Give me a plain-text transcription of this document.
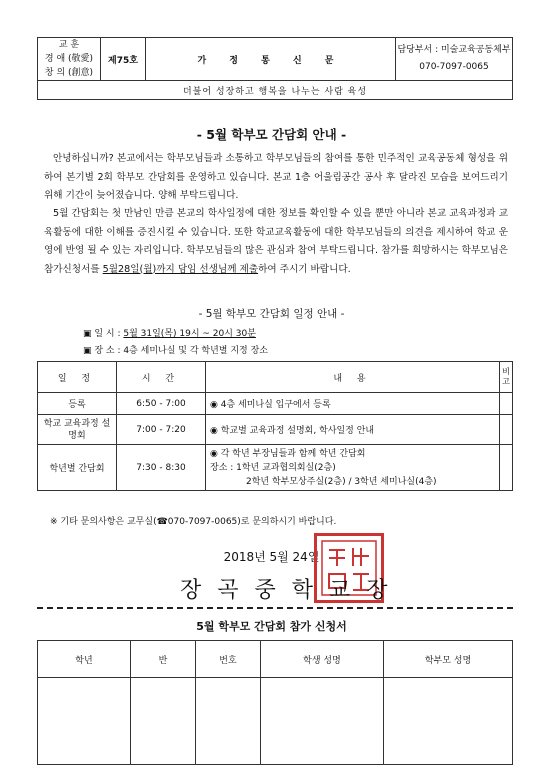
교 훈
경 애 (敬愛)
창 의 (創意)
	제75호	가 정 통 신 문	
담당부서 : 미술교육공동체부
070-7097-0065

더불어 성장하고 행복을 나누는 사람 육성
- 5월 학부모 간담회 안내 -

안녕하십니까? 본교에서는 학부모님들과 소통하고 학부모님들의 참여를 통한 민주적인 교육공동체 형성을 위하여 본기별 2회 학부모 간담회를 운영하고 있습니다. 본교 1층 어울림공간 공사 후 달라진 모습을 보여드리기 위해 기간이 늦어졌습니다. 양해 부탁드립니다.

5월 간담회는 첫 만남인 만큼 본교의 학사일정에 대한 정보를 확인할 수 있을 뿐만 아니라 본교 교육과정과 교육활동에 대한 이해를 증진시킬 수 있습니다. 또한 학교교육활동에 대한 학부모님들의 의견을 제시하여 학교 운영에 반영 될 수 있는 자리입니다. 학부모님들의 많은 관심과 참여 부탁드립니다. 참가를 희망하시는 학부모님은 참가신청서를 5월28일(월)까지 담임 선생님께 제출하여 주시기 바랍니다.

- 5월 학부모 간담회 일정 안내 -
▣ 일 시 : 5월 31일(목) 19시 ~ 20시 30분
▣ 장 소 : 4층 세미나실 및 각 학년별 지정 장소
일 정	시 간	내 용	비고
등록	6:50 - 7:00	◉ 4층 세미나실 입구에서 등록	
학교 교육과정 설명회	7:00 - 7:20	◉ 학교별 교육과정 설명회, 학사일정 안내	
학년별 간담회	7:30 - 8:30	◉ 각 학년 부장님들과 함께 학년 간담회
장소 : 1학년 교과협의회실(2층)
2학년 학부모상주실(2층) / 3학년 세미나실(4층)	

※ 기타 문의사항은 교무실(☎070-7097-0065)로 문의하시기 바랍니다.
2018년 5월 24일
장곡중학교장
5월 학부모 간담회 참가 신청서
학년	반	번호	학생 성명	학부모 성명
